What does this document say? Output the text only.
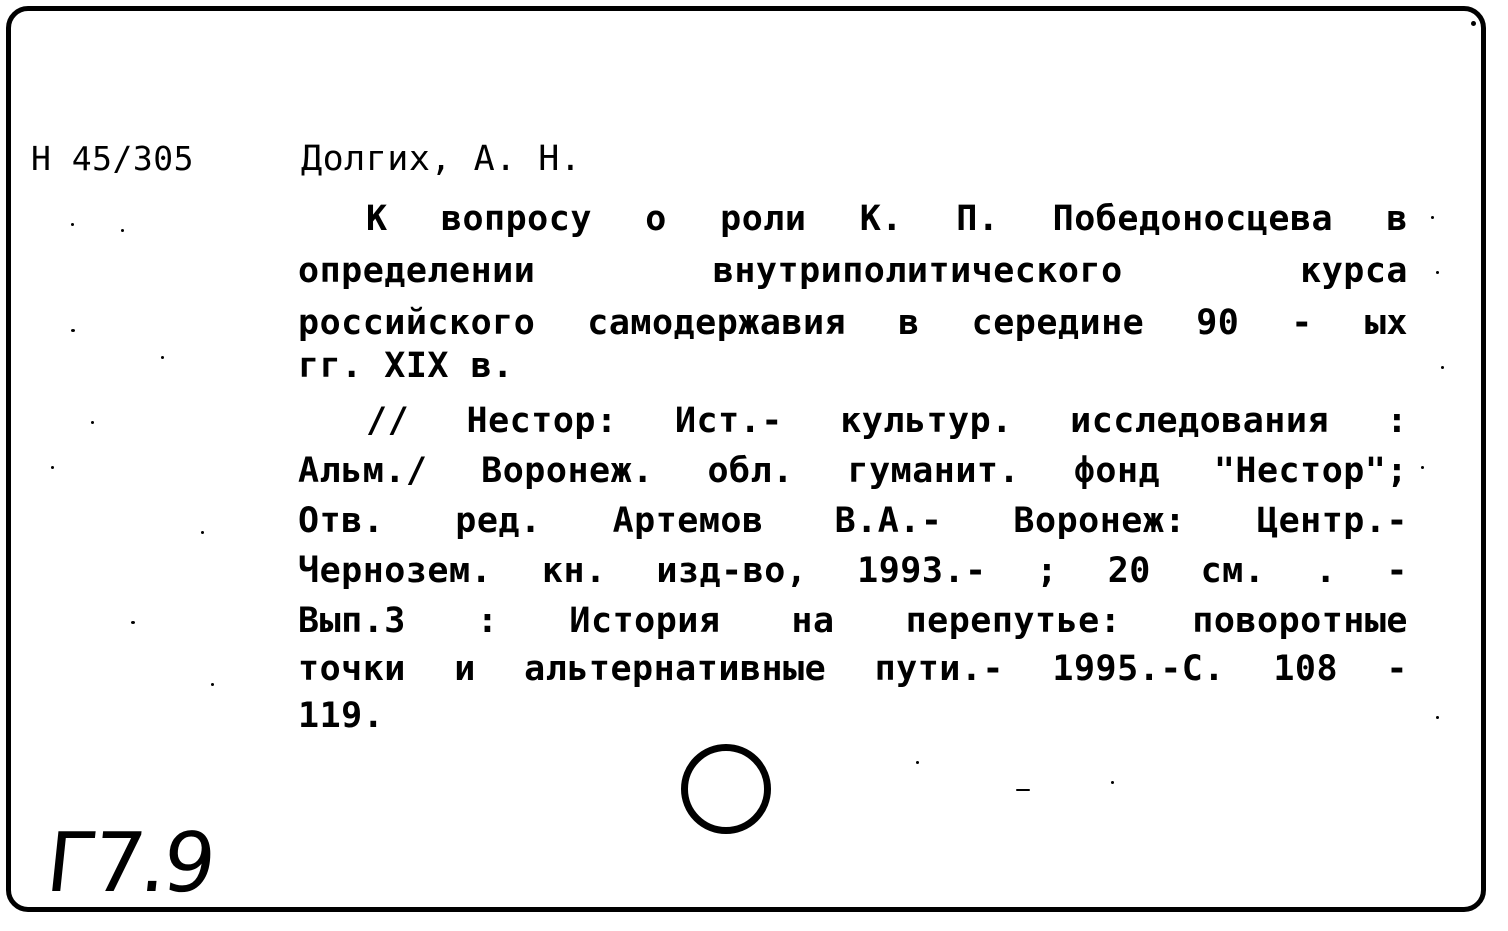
Н 45/305	Долгих, А. Н.
К вопросу о роли К. П. Победоносцева в
определении внутриполитического курса
российского самодержавия в середине 90 - ых
гг. XIX в.
// Нестор: Ист.- культур. исследования :
Альм./ Воронеж. обл. гуманит. фонд "Нестор";
Отв. ред. Артемов В.А.- Воронеж: Центр.-
Чернозем. кн. изд-во, 1993.- ; 20 см. . -
Вып.3 : История на перепутье: поворотные
точки и альтернативные пути.- 1995.-С. 108 -
119.
Г7.9
